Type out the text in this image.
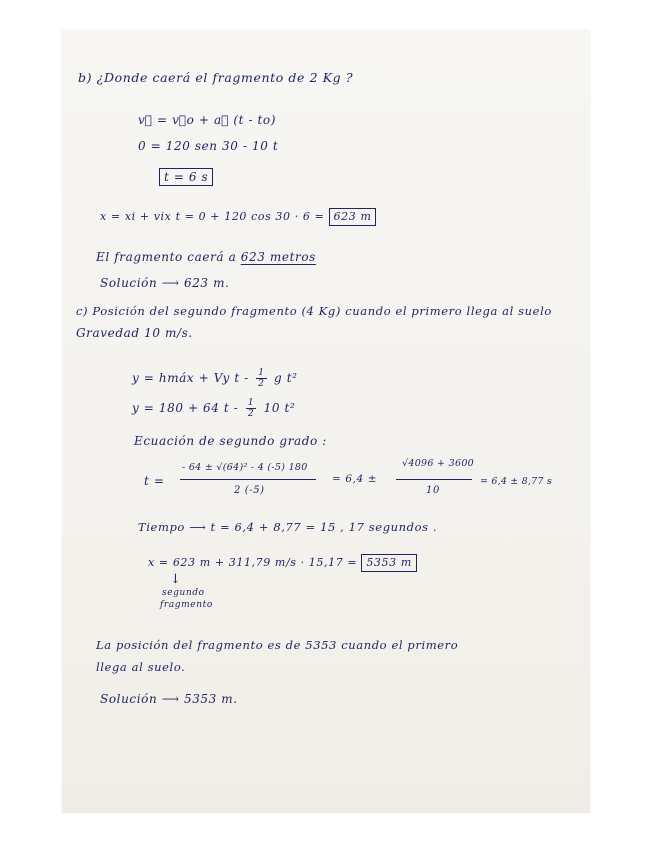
b) ¿Donde caerá el fragmento de 2 Kg ?
v⃗ = v⃗o + a⃗ (t - to)
0 = 120 sen 30 - 10 t
t = 6 s
x = xi + vix t = 0 + 120 cos 30 · 6 = 623 m
El fragmento caerá a 623 metros
Solución ⟶ 623 m.
c) Posición del segundo fragmento (4 Kg) cuando el primero llega al suelo
Gravedad 10 m/s.
y = hmáx + Vy t - $\frac{1}{2}$ g t²
y = 180 + 64 t - $\frac{1}{2} 10$ t²
Ecuación de segundo grado :
t =
- 64 ± √(64)² - 4 (-5) 180
2 (-5)
= 6,4 ±
√4096 + 3600
10
= 6,4 ± 8,77 s
Tiempo ⟶ t = 6,4 + 8,77 = 15 , 17 segundos .
x = 623 m + 311,79 m/s · 15,17 = 5353 m
↓
segundo
fragmento
La posición del fragmento es de 5353 cuando el primero
llega al suelo.
Solución ⟶ 5353 m.
